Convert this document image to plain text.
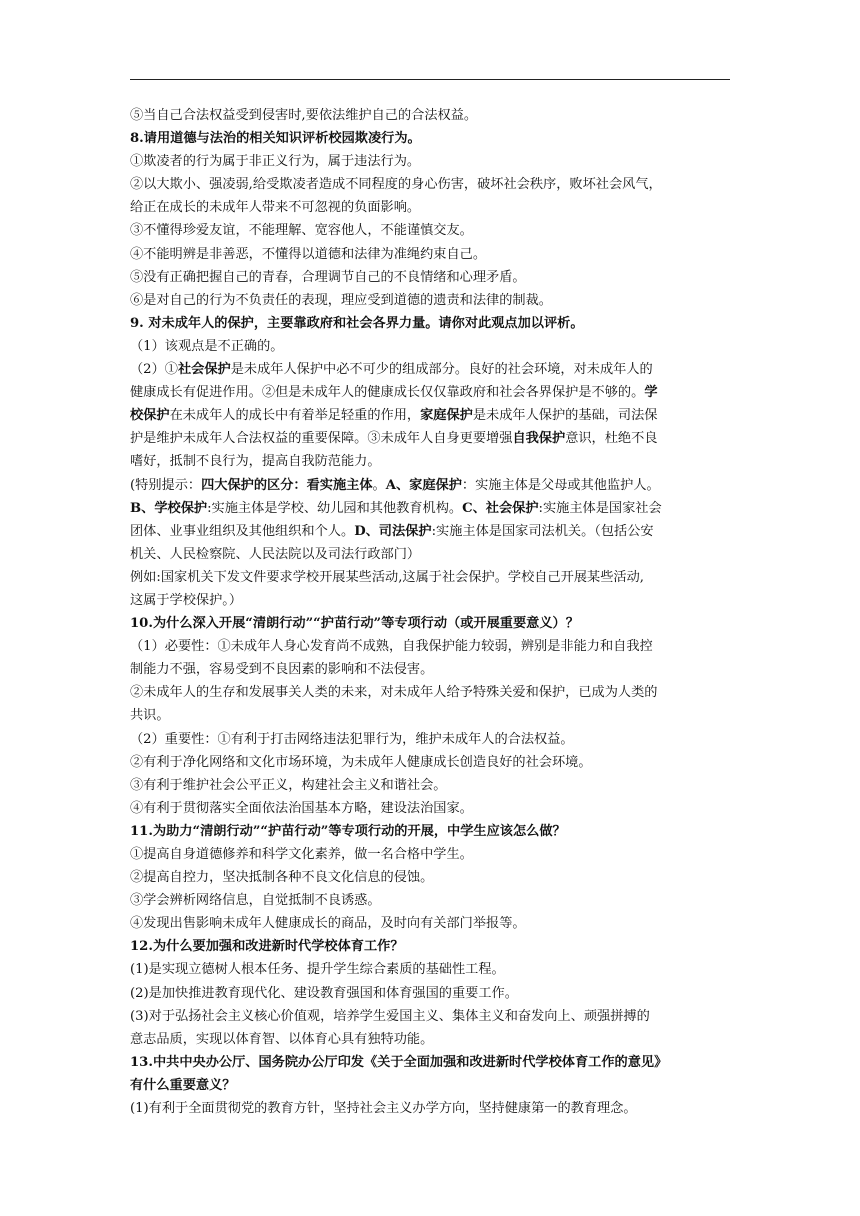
⑤当自己合法权益受到侵害时,要依法维护自己的合法权益。
8.请用道德与法治的相关知识评析校园欺凌行为。
①欺凌者的行为属于非正义行为，属于违法行为。
②以大欺小、强凌弱,给受欺凌者造成不同程度的身心伤害，破坏社会秩序，败坏社会风气，
给正在成长的未成年人带来不可忽视的负面影响。
③不懂得珍爱友谊，不能理解、宽容他人，不能谨慎交友。
④不能明辨是非善恶，不懂得以道德和法律为准绳约束自己。
⑤没有正确把握自己的青春，合理调节自己的不良情绪和心理矛盾。
⑥是对自己的行为不负责任的表现，理应受到道德的遗责和法律的制裁。
9. 对未成年人的保护，主要靠政府和社会各界力量。请你对此观点加以评析。
（1）该观点是不正确的。
（2）①社会保护是未成年人保护中必不可少的组成部分。良好的社会环境，对未成年人的
健康成长有促进作用。②但是未成年人的健康成长仅仅靠政府和社会各界保护是不够的。学
校保护在未成年人的成长中有着举足轻重的作用，家庭保护是未成年人保护的基础，司法保
护是维护未成年人合法权益的重要保障。③未成年人自身更要增强自我保护意识，杜绝不良
嗜好，抵制不良行为，提高自我防范能力。
(特别提示：四大保护的区分：看实施主体。A、家庭保护：实施主体是父母或其他监护人。
B、学校保护:实施主体是学校、幼儿园和其他教育机构。C、社会保护:实施主体是国家社会
团体、业事业组织及其他组织和个人。D、司法保护:实施主体是国家司法机关。（包括公安
机关、人民检察院、人民法院以及司法行政部门）
例如:国家机关下发文件要求学校开展某些活动,这属于社会保护。学校自己开展某些活动,
这属于学校保护。）
10.为什么深入开展“清朗行动”“护苗行动”等专项行动（或开展重要意义）？
（1）必要性：①未成年人身心发育尚不成熟，自我保护能力较弱，辨别是非能力和自我控
制能力不强，容易受到不良因素的影响和不法侵害。
②未成年人的生存和发展事关人类的未来，对未成年人给予特殊关爱和保护，已成为人类的
共识。
（2）重要性：①有利于打击网络违法犯罪行为，维护未成年人的合法权益。
②有利于净化网络和文化市场环境，为未成年人健康成长创造良好的社会环境。
③有利于维护社会公平正义，构建社会主义和谐社会。
④有利于贯彻落实全面依法治国基本方略，建设法治国家。
11.为助力“清朗行动”“护苗行动”等专项行动的开展，中学生应该怎么做？
①提高自身道德修养和科学文化素养，做一名合格中学生。
②提高自控力，坚决抵制各种不良文化信息的侵蚀。
③学会辨析网络信息，自觉抵制不良诱惑。
④发现出售影响未成年人健康成长的商品，及时向有关部门举报等。
12.为什么要加强和改进新时代学校体育工作？
(1)是实现立德树人根本任务、提升学生综合素质的基础性工程。
(2)是加快推进教育现代化、建设教育强国和体育强国的重要工作。
(3)对于弘扬社会主义核心价值观，培养学生爱国主义、集体主义和奋发向上、顽强拼搏的
意志品质，实现以体育智、以体育心具有独特功能。
13.中共中央办公厅、国务院办公厅印发《关于全面加强和改进新时代学校体育工作的意见》
有什么重要意义？
(1)有利于全面贯彻党的教育方针，坚持社会主义办学方向，坚持健康第一的教育理念。
